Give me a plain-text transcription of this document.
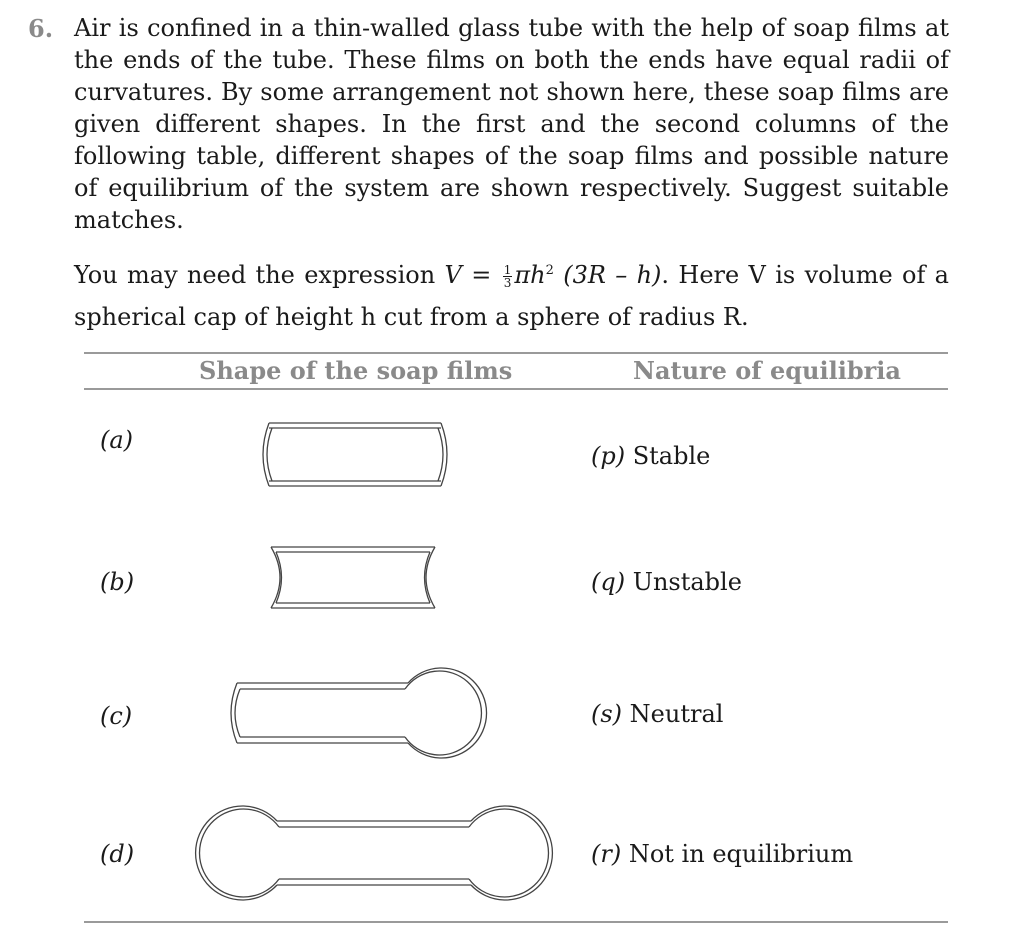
6. Air is confined in a thin-walled glass tube with the help of soap films at the ends of the tube. These films on both the ends have equal radii of curvatures. By some arrangement not shown here, these soap films are given different shapes. In the first and the second columns of the following table, different shapes of the soap films and possible nature of equilibrium of the system are shown respectively. Suggest suitable matches.

You may need the expression $V = \frac{1}{3} \pi h^2$ (3R – h). Here V is volume of a spherical cap of height h cut from a sphere of radius R.

Shape of the soap films	Nature of equilibria
(a)
(b)
(c)
(d)
(p) Stable
(q) Unstable
(s) Neutral
(r) Not in equilibrium
